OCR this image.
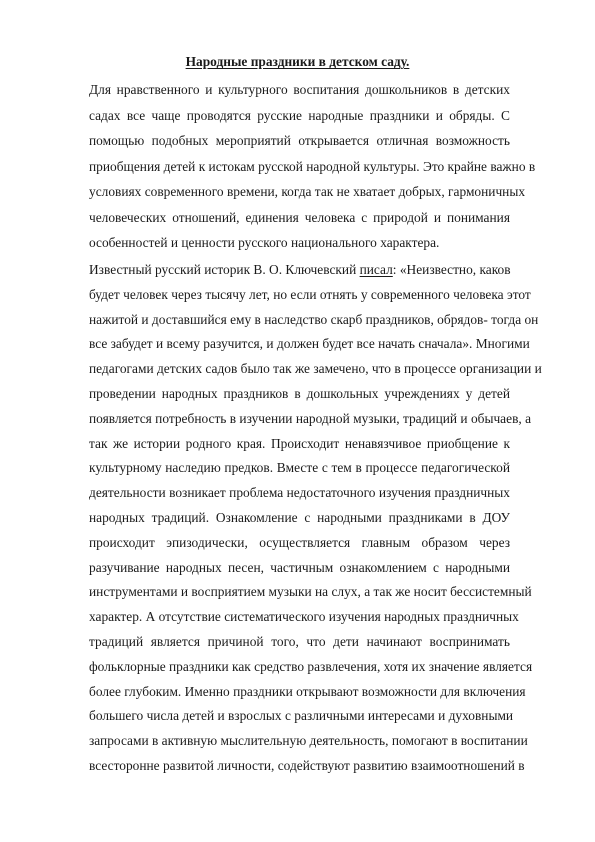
Народные праздники в детском саду.
Для нравственного и культурного воспитания дошкольников в детских
садах все чаще проводятся русские народные праздники и обряды. С
помощью подобных мероприятий открывается отличная возможность
приобщения детей к истокам русской народной культуры. Это крайне важно в
условиях современного времени, когда так не хватает добрых, гармоничных
человеческих отношений, единения человека с природой и понимания
особенностей и ценности русского национального характера.
Известный русский историк В. О. Ключевский писал: «Неизвестно, каков
будет человек через тысячу лет, но если отнять у современного человека этот
нажитой и доставшийся ему в наследство скарб праздников, обрядов- тогда он
все забудет и всему разучится, и должен будет все начать сначала». Многими
педагогами детских садов было так же замечено, что в процессе организации и
проведении народных праздников в дошкольных учреждениях у детей
появляется потребность в изучении народной музыки, традиций и обычаев, а
так же истории родного края. Происходит ненавязчивое приобщение к
культурному наследию предков. Вместе с тем в процессе педагогической
деятельности возникает проблема недостаточного изучения праздничных
народных традиций. Ознакомление с народными праздниками в ДОУ
происходит эпизодически, осуществляется главным образом через
разучивание народных песен, частичным ознакомлением с народными
инструментами и восприятием музыки на слух, а так же носит бессистемный
характер. А отсутствие систематического изучения народных праздничных
традиций является причиной того, что дети начинают воспринимать
фольклорные праздники как средство развлечения, хотя их значение является
более глубоким. Именно праздники открывают возможности для включения
большего числа детей и взрослых с различными интересами и духовными
запросами в активную мыслительную деятельность, помогают в воспитании
всесторонне развитой личности, содействуют развитию взаимоотношений в
